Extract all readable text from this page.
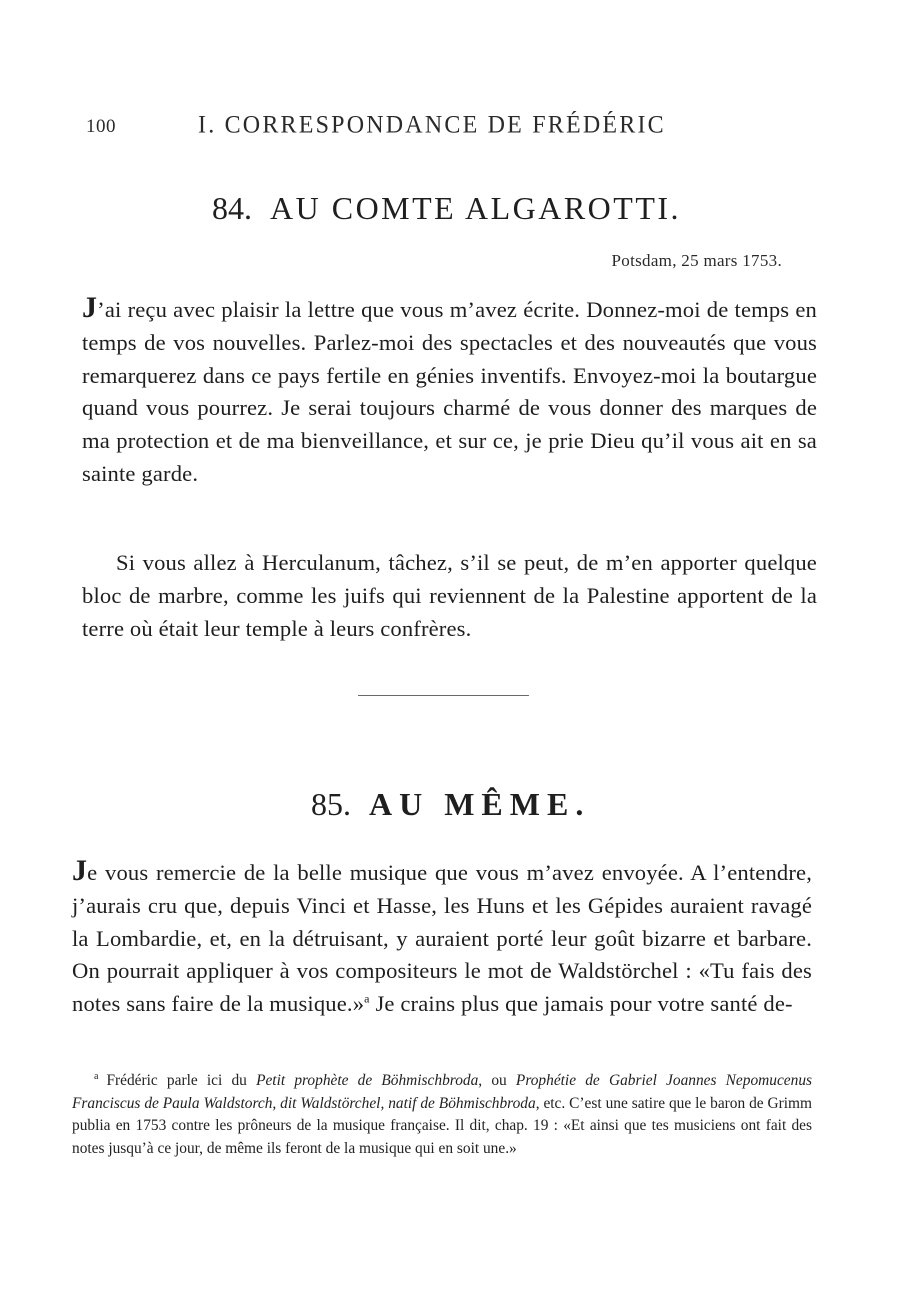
100	I. CORRESPONDANCE DE FRÉDÉRIC
84. AU COMTE ALGAROTTI.
Potsdam, 25 mars 1753.

J’ai reçu avec plaisir la lettre que vous m’avez écrite. Donnez-moi de temps en temps de vos nouvelles. Parlez-moi des spectacles et des nouveautés que vous remarquerez dans ce pays fertile en génies inventifs. Envoyez-moi la boutargue quand vous pourrez. Je serai toujours charmé de vous donner des marques de ma protection et de ma bienveillance, et sur ce, je prie Dieu qu’il vous ait en sa sainte garde.

Si vous allez à Herculanum, tâchez, s’il se peut, de m’en apporter quelque bloc de marbre, comme les juifs qui reviennent de la Palestine apportent de la terre où était leur temple à leurs confrères.

85. AU MÊME.

Je vous remercie de la belle musique que vous m’avez envoyée. A l’entendre, j’aurais cru que, depuis Vinci et Hasse, les Huns et les Gépides auraient ravagé la Lombardie, et, en la détruisant, y auraient porté leur goût bizarre et barbare. On pourrait appliquer à vos compositeurs le mot de Waldstörchel : «Tu fais des notes sans faire de la musique.»$^a$ Je crains plus que jamais pour votre santé de-

$^a$ Frédéric parle ici du Petit prophète de Böhmischbroda, ou Prophétie de Gabriel Joannes Nepomucenus Franciscus de Paula Waldstorch, dit Waldstörchel, natif de Böhmischbroda, etc. C’est une satire que le baron de Grimm publia en 1753 contre les prôneurs de la musique française. Il dit, chap. 19 : «Et ainsi que tes musiciens ont fait des notes jusqu’à ce jour, de même ils feront de la musique qui en soit une.»
